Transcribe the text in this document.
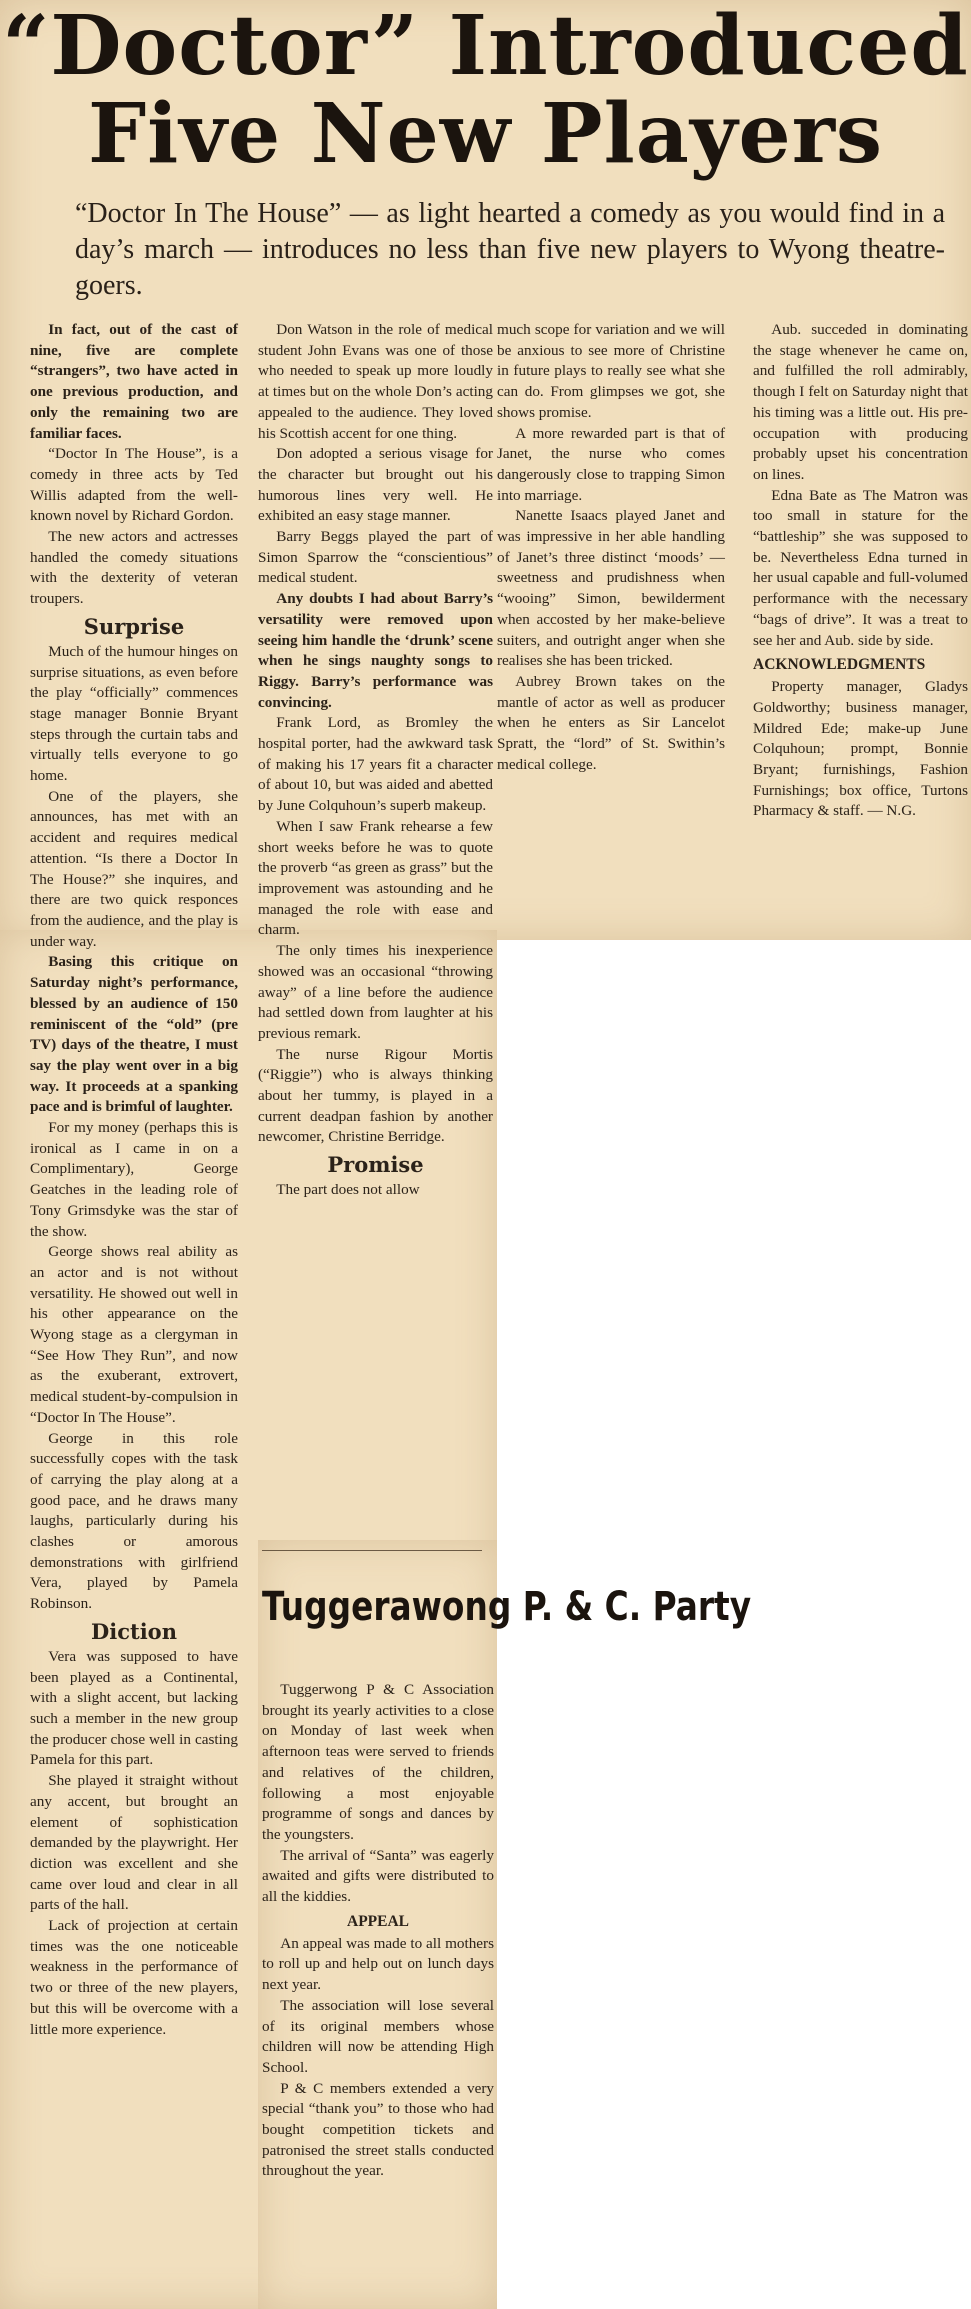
“Doctor” Introduced
Five New Players

“Doctor In The House” — as light hearted a comedy as you would find in a day’s march — introduces no less than five new players to Wyong theatre-goers.

In fact, out of the cast of nine, five are complete “strangers”, two have acted in one previous production, and only the remaining two are familiar faces.

“Doctor In The House”, is a comedy in three acts by Ted Willis adapted from the well-known novel by Richard Gordon.

The new actors and actresses handled the comedy situations with the dexterity of veteran troupers.

Surprise

Much of the humour hinges on surprise situations, as even before the play “officially” commences stage manager Bonnie Bryant steps through the curtain tabs and virtually tells everyone to go home.

One of the players, she announces, has met with an accident and requires medical attention. “Is there a Doctor In The House?” she inquires, and there are two quick responces from the audience, and the play is under way.

Basing this critique on Saturday night’s performance, blessed by an audience of 150 reminiscent of the “old” (pre TV) days of the theatre, I must say the play went over in a big way. It proceeds at a spanking pace and is brimful of laughter.

For my money (perhaps this is ironical as I came in on a Complimentary), George Geatches in the leading role of Tony Grimsdyke was the star of the show.

George shows real ability as an actor and is not without versatility. He showed out well in his other appearance on the Wyong stage as a clergyman in “See How They Run”, and now as the exuberant, extrovert, medical student-by-compulsion in “Doctor In The House”.

George in this role successfully copes with the task of carrying the play along at a good pace, and he draws many laughs, particularly during his clashes or amorous demonstrations with girlfriend Vera, played by Pamela Robinson.

Diction

Vera was supposed to have been played as a Continental, with a slight accent, but lacking such a member in the new group the producer chose well in casting Pamela for this part.

She played it straight without any accent, but brought an element of sophistication demanded by the playwright. Her diction was excellent and she came over loud and clear in all parts of the hall.

Lack of projection at certain times was the one noticeable weakness in the performance of two or three of the new players, but this will be overcome with a little more experience.

Don Watson in the role of medical student John Evans was one of those who needed to speak up more loudly at times but on the whole Don’s acting appealed to the audience. They loved his Scottish accent for one thing.

Don adopted a serious visage for the character but brought out his humorous lines very well. He exhibited an easy stage manner.

Barry Beggs played the part of Simon Sparrow the “conscientious” medical student.

Any doubts I had about Barry’s versatility were removed upon seeing him handle the ‘drunk’ scene when he sings naughty songs to Riggy. Barry’s performance was convincing.

Frank Lord, as Bromley the hospital porter, had the awkward task of making his 17 years fit a character of about 10, but was aided and abetted by June Colquhoun’s superb makeup.

When I saw Frank rehearse a few short weeks before he was to quote the proverb “as green as grass” but the improvement was astounding and he managed the role with ease and charm.

The only times his inexperience showed was an occasional “throwing away” of a line before the audience had settled down from laughter at his previous remark.

The nurse Rigour Mortis (“Riggie”) who is always thinking about her tummy, is played in a current deadpan fashion by another newcomer, Christine Berridge.

Promise

The part does not allow

much scope for variation and we will be anxious to see more of Christine in future plays to really see what she can do. From glimpses we got, she shows promise.

A more rewarded part is that of Janet, the nurse who comes dangerously close to trapping Simon into marriage.

Nanette Isaacs played Janet and was impressive in her able handling of Janet’s three distinct ‘moods’ — sweetness and prudishness when “wooing” Simon, bewilderment when accosted by her make-believe suiters, and outright anger when she realises she has been tricked.

Aubrey Brown takes on the mantle of actor as well as producer when he enters as Sir Lancelot Spratt, the “lord” of St. Swithin’s medical college.

Aub. succeded in dominating the stage whenever he came on, and fulfilled the roll admirably, though I felt on Saturday night that his timing was a little out. His pre-occupation with producing probably upset his concentration on lines.

Edna Bate as The Matron was too small in stature for the “battleship” she was supposed to be. Nevertheless Edna turned in her usual capable and full-volumed performance with the necessary “bags of drive”. It was a treat to see her and Aub. side by side.

ACKNOWLEDGMENTS

Property manager, Gladys Goldworthy; business manager, Mildred Ede; make-up June Colquhoun; prompt, Bonnie Bryant; furnishings, Fashion Furnishings; box office, Turtons Pharmacy & staff. — N.G.

Tuggerawong P. & C. Party

Tuggerwong P & C Association brought its yearly activities to a close on Monday of last week when afternoon teas were served to friends and relatives of the children, following a most enjoyable programme of songs and dances by the youngsters.

The arrival of “Santa” was eagerly awaited and gifts were distributed to all the kiddies.

APPEAL

An appeal was made to all mothers to roll up and help out on lunch days next year.

The association will lose several of its original members whose children will now be attending High School.

P & C members extended a very special “thank you” to those who had bought competition tickets and patronised the street stalls conducted throughout the year.
